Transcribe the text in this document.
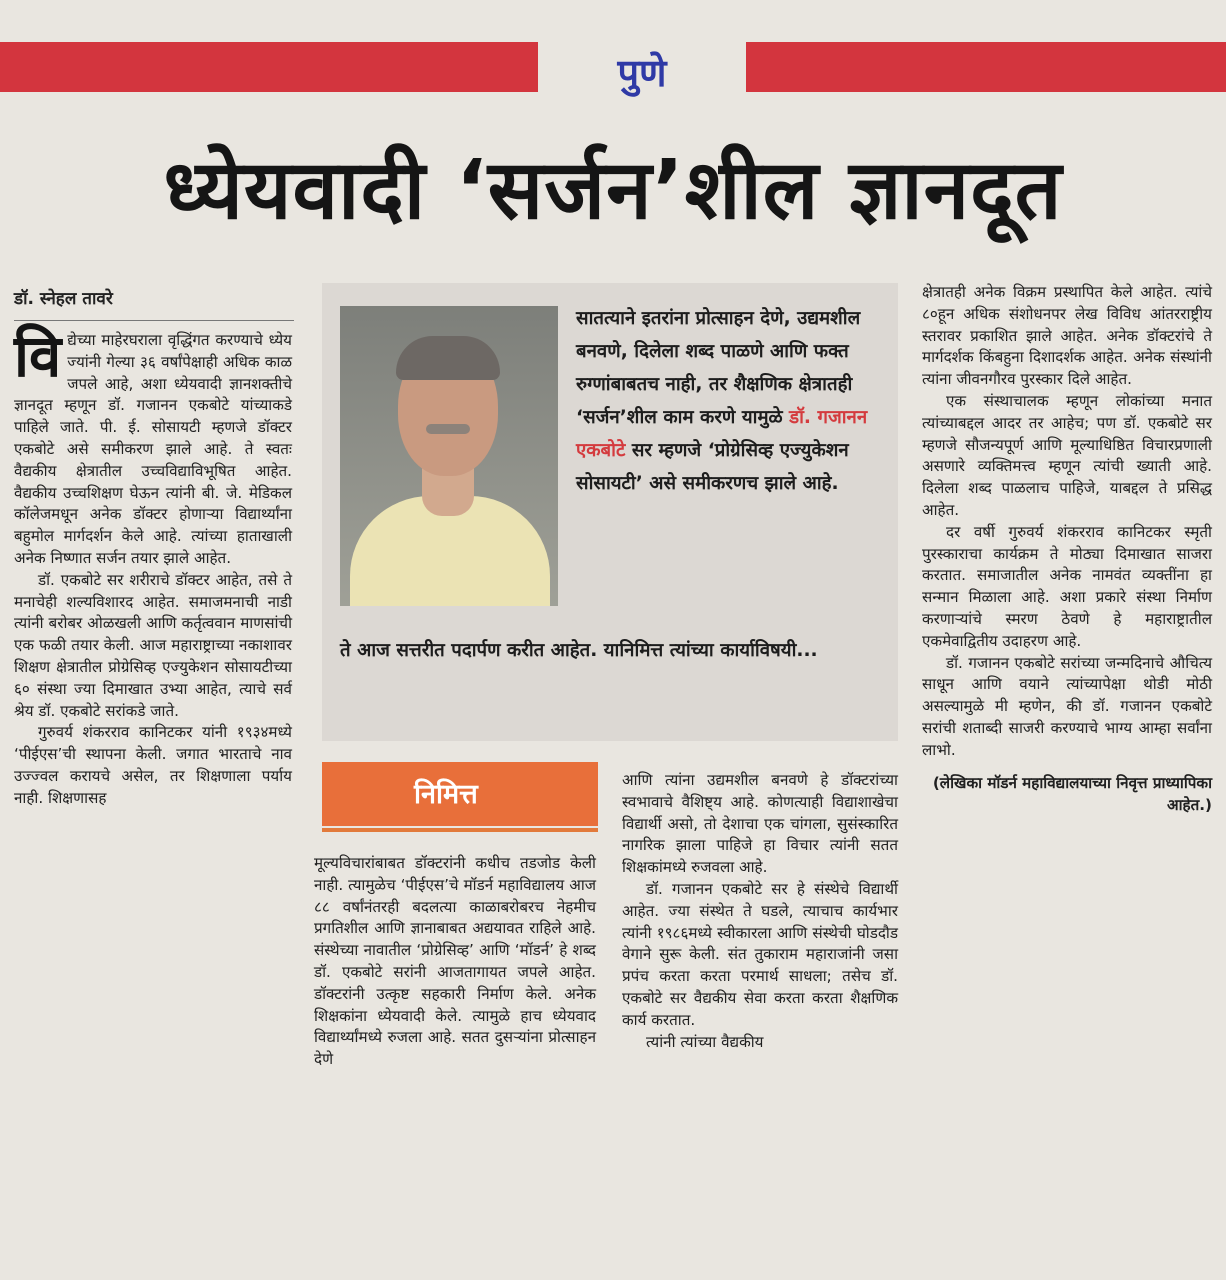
पुणे
ध्येयवादी ‘सर्जन’शील ज्ञानदूत
डॉ. स्नेहल तावरे

विद्येच्या माहेरघराला वृद्धिंगत करण्याचे ध्येय ज्यांनी गेल्या ३६ वर्षांपेक्षाही अधिक काळ जपले आहे, अशा ध्येयवादी ज्ञानशक्तीचे ज्ञानदूत म्हणून डॉ. गजानन एकबोटे यांच्याकडे पाहिले जाते. पी. ई. सोसायटी म्हणजे डॉक्टर एकबोटे असे समीकरण झाले आहे. ते स्वतः वैद्यकीय क्षेत्रातील उच्चविद्याविभूषित आहेत. वैद्यकीय उच्चशिक्षण घेऊन त्यांनी बी. जे. मेडिकल कॉलेजमधून अनेक डॉक्टर होणाऱ्या विद्यार्थ्यांना बहुमोल मार्गदर्शन केले आहे. त्यांच्या हाताखाली अनेक निष्णात सर्जन तयार झाले आहेत.

डॉ. एकबोटे सर शरीराचे डॉक्टर आहेत, तसे ते मनाचेही शल्यविशारद आहेत. समाजमनाची नाडी त्यांनी बरोबर ओळखली आणि कर्तृत्ववान माणसांची एक फळी तयार केली. आज महाराष्ट्राच्या नकाशावर शिक्षण क्षेत्रातील प्रोग्रेसिव्ह एज्युकेशन सोसायटीच्या ६० संस्था ज्या दिमाखात उभ्या आहेत, त्याचे सर्व श्रेय डॉ. एकबोटे सरांकडे जाते.

गुरुवर्य शंकरराव कानिटकर यांनी १९३४मध्ये ‘पीईएस’ची स्थापना केली. जगात भारताचे नाव उज्ज्वल करायचे असेल, तर शिक्षणाला पर्याय नाही. शिक्षणासह

सातत्याने इतरांना प्रोत्साहन देणे, उद्यमशील बनवणे, दिलेला शब्द पाळणे आणि फक्त रुग्णांबाबतच नाही, तर शैक्षणिक क्षेत्रातही ‘सर्जन’शील काम करणे यामुळे डॉ. गजानन एकबोटे सर म्हणजे ‘प्रोग्रेसिव्ह एज्युकेशन सोसायटी’ असे समीकरणच झाले आहे.
ते आज सत्तरीत पदार्पण करीत आहेत. यानिमित्त त्यांच्या कार्याविषयी...
निमित्त

मूल्यविचारांबाबत डॉक्टरांनी कधीच तडजोड केली नाही. त्यामुळेच ‘पीईएस’चे मॉडर्न महाविद्यालय आज ८८ वर्षांनंतरही बदलत्या काळाबरोबरच नेहमीच प्रगतिशील आणि ज्ञानाबाबत अद्ययावत राहिले आहे. संस्थेच्या नावातील ‘प्रोग्रेसिव्ह’ आणि ‘मॉडर्न’ हे शब्द डॉ. एकबोटे सरांनी आजतागायत जपले आहेत. डॉक्टरांनी उत्कृष्ट सहकारी निर्माण केले. अनेक शिक्षकांना ध्येयवादी केले. त्यामुळे हाच ध्येयवाद विद्यार्थ्यांमध्ये रुजला आहे. सतत दुसऱ्यांना प्रोत्साहन देणे

आणि त्यांना उद्यमशील बनवणे हे डॉक्टरांच्या स्वभावाचे वैशिष्ट्य आहे. कोणत्याही विद्याशाखेचा विद्यार्थी असो, तो देशाचा एक चांगला, सुसंस्कारित नागरिक झाला पाहिजे हा विचार त्यांनी सतत शिक्षकांमध्ये रुजवला आहे.

डॉ. गजानन एकबोटे सर हे संस्थेचे विद्यार्थी आहेत. ज्या संस्थेत ते घडले, त्याचाच कार्यभार त्यांनी १९८६मध्ये स्वीकारला आणि संस्थेची घोडदौड वेगाने सुरू केली. संत तुकाराम महाराजांनी जसा प्रपंच करता करता परमार्थ साधला; तसेच डॉ. एकबोटे सर वैद्यकीय सेवा करता करता शैक्षणिक कार्य करतात.

त्यांनी त्यांच्या वैद्यकीय

क्षेत्रातही अनेक विक्रम प्रस्थापित केले आहेत. त्यांचे ८०हून अधिक संशोधनपर लेख विविध आंतरराष्ट्रीय स्तरावर प्रकाशित झाले आहेत. अनेक डॉक्टरांचे ते मार्गदर्शक किंबहुना दिशादर्शक आहेत. अनेक संस्थांनी त्यांना जीवनगौरव पुरस्कार दिले आहेत.

एक संस्थाचालक म्हणून लोकांच्या मनात त्यांच्याबद्दल आदर तर आहेच; पण डॉ. एकबोटे सर म्हणजे सौजन्यपूर्ण आणि मूल्याधिष्ठित विचारप्रणाली असणारे व्यक्तिमत्त्व म्हणून त्यांची ख्याती आहे. दिलेला शब्द पाळलाच पाहिजे, याबद्दल ते प्रसिद्ध आहेत.

दर वर्षी गुरुवर्य शंकरराव कानिटकर स्मृती पुरस्काराचा कार्यक्रम ते मोठ्या दिमाखात साजरा करतात. समाजातील अनेक नामवंत व्यक्तींना हा सन्मान मिळाला आहे. अशा प्रकारे संस्था निर्माण करणाऱ्यांचे स्मरण ठेवणे हे महाराष्ट्रातील एकमेवाद्वितीय उदाहरण आहे.

डॉ. गजानन एकबोटे सरांच्या जन्मदिनाचे औचित्य साधून आणि वयाने त्यांच्यापेक्षा थोडी मोठी असल्यामुळे मी म्हणेन, की डॉ. गजानन एकबोटे सरांची शताब्दी साजरी करण्याचे भाग्य आम्हा सर्वांना लाभो.

(लेखिका मॉडर्न महाविद्यालयाच्या निवृत्त प्राध्यापिका आहेत.)
